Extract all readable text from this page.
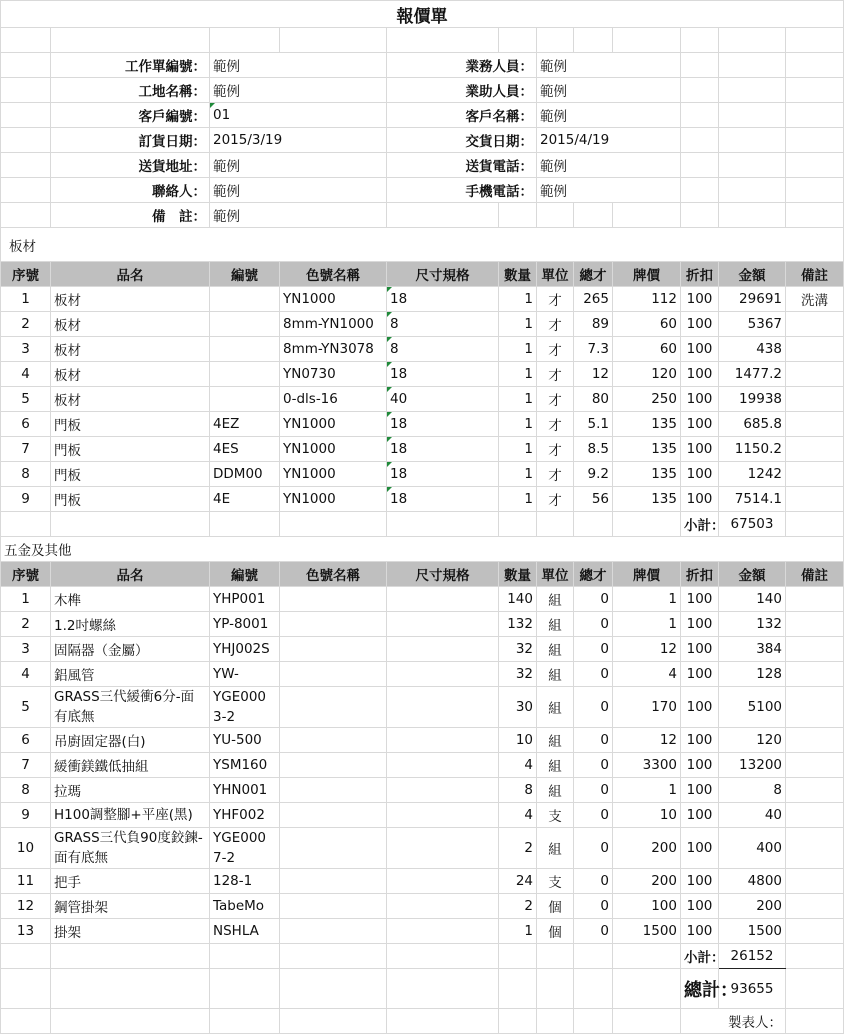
報價單											

	工作單編號：	範例		業務人員：		範例					
	工地名稱：	範例		業助人員：		範例					
	客戶編號：	01		客戶名稱：		範例					
	訂貨日期：	2015/3/19		交貨日期：		2015/4/19					
	送貨地址：	範例		送貨電話：		範例					
	聯絡人：	範例		手機電話：		範例					
	備　註：	範例									
板材											
序號	品名	編號	色號名稱	尺寸規格	數量	單位	總才	牌價	折扣	金額	備註
1	板材		YN1000	18	1	才	265	112	100	29691	洗溝
2	板材		8mm-YN1000	8	1	才	89	60	100	5367	
3	板材		8mm-YN3078	8	1	才	7.3	60	100	438	
4	板材		YN0730	18	1	才	12	120	100	1477.2	
5	板材		0-dls-16	40	1	才	80	250	100	19938	
6	門板	4EZ	YN1000	18	1	才	5.1	135	100	685.8	
7	門板	4ES	YN1000	18	1	才	8.5	135	100	1150.2	
8	門板	DDM00	YN1000	18	1	才	9.2	135	100	1242	
9	門板	4E	YN1000	18	1	才	56	135	100	7514.1	
									小計：	67503	
五金及其他											
序號	品名	編號	色號名稱	尺寸規格	數量	單位	總才	牌價	折扣	金額	備註
1	木榫	YHP001			140	組	0	1	100	140	
2	1.2吋螺絲	YP-8001			132	組	0	1	100	132	
3	固隔器（金屬）	YHJ002S			32	組	0	12	100	384	
4	鋁風管	YW-			32	組	0	4	100	128	
5	GRASS三代緩衝6分-面有底無	YGE000 3-2			30	組	0	170	100	5100	
6	吊廚固定器(白)	YU-500			10	組	0	12	100	120	
7	緩衝鎂鐵低抽組	YSM160			4	組	0	3300	100	13200	
8	拉瑪	YHN001			8	組	0	1	100	8	
9	H100調整腳+平座(黑)	YHF002			4	支	0	10	100	40	
10	GRASS三代負90度鉸鍊-面有底無	YGE000 7-2			2	組	0	200	100	400	
11	把手	128-1			24	支	0	200	100	4800	
12	鋼管掛架	TabeMo			2	個	0	100	100	200	
13	掛架	NSHLA			1	個	0	1500	100	1500	
									小計：	26152	
									總計：	93655	
									製表人：		
